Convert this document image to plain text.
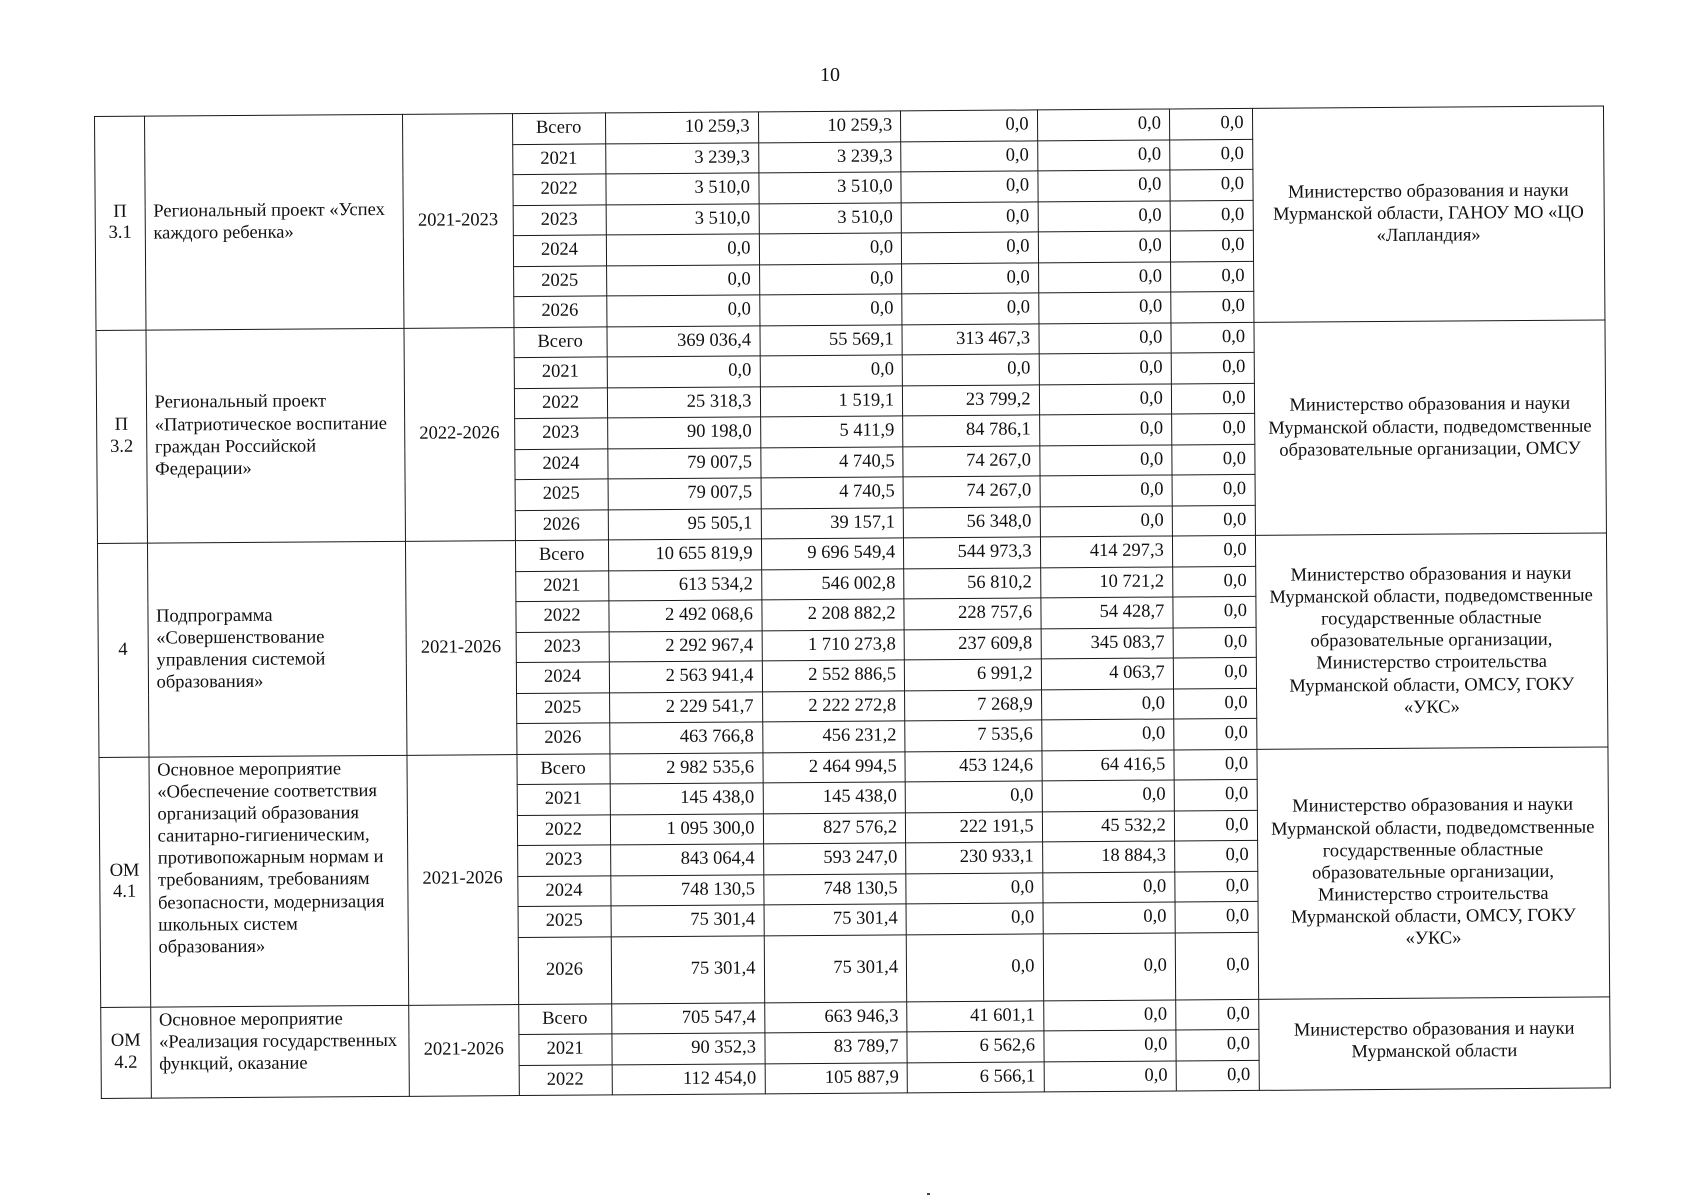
10
П 3.1	Региональный проект «Успех каждого ребенка»	2021-2023	Всего	10 259,3	10 259,3	0,0	0,0	0,0	Министерство образования и науки Мурманской области, ГАНОУ МО «ЦО «Лапландия»
			2021	3 239,3	3 239,3	0,0	0,0	0,0	
			2022	3 510,0	3 510,0	0,0	0,0	0,0	
			2023	3 510,0	3 510,0	0,0	0,0	0,0	
			2024	0,0	0,0	0,0	0,0	0,0	
			2025	0,0	0,0	0,0	0,0	0,0	
			2026	0,0	0,0	0,0	0,0	0,0	
П 3.2	Региональный проект «Патриотическое воспитание граждан Российской Федерации»	2022-2026	Всего	369 036,4	55 569,1	313 467,3	0,0	0,0	Министерство образования и науки Мурманской области, подведомственные образовательные организации, ОМСУ
			2021	0,0	0,0	0,0	0,0	0,0	
			2022	25 318,3	1 519,1	23 799,2	0,0	0,0	
			2023	90 198,0	5 411,9	84 786,1	0,0	0,0	
			2024	79 007,5	4 740,5	74 267,0	0,0	0,0	
			2025	79 007,5	4 740,5	74 267,0	0,0	0,0	
			2026	95 505,1	39 157,1	56 348,0	0,0	0,0	
4	Подпрограмма «Совершенствование управления системой образования»	2021-2026	Всего	10 655 819,9	9 696 549,4	544 973,3	414 297,3	0,0	Министерство образования и науки Мурманской области, подведомственные государственные областные образовательные организации, Министерство строительства Мурманской области, ОМСУ, ГОКУ «УКС»
			2021	613 534,2	546 002,8	56 810,2	10 721,2	0,0	
			2022	2 492 068,6	2 208 882,2	228 757,6	54 428,7	0,0	
			2023	2 292 967,4	1 710 273,8	237 609,8	345 083,7	0,0	
			2024	2 563 941,4	2 552 886,5	6 991,2	4 063,7	0,0	
			2025	2 229 541,7	2 222 272,8	7 268,9	0,0	0,0	
			2026	463 766,8	456 231,2	7 535,6	0,0	0,0	
ОМ 4.1	Основное мероприятие «Обеспечение соответствия организаций образования санитарно-гигиеническим, противопожарным нормам и требованиям, требованиям безопасности, модернизация школьных систем образования»	2021-2026	Всего	2 982 535,6	2 464 994,5	453 124,6	64 416,5	0,0	Министерство образования и науки Мурманской области, подведомственные государственные областные образовательные организации, Министерство строительства Мурманской области, ОМСУ, ГОКУ «УКС»
			2021	145 438,0	145 438,0	0,0	0,0	0,0	
			2022	1 095 300,0	827 576,2	222 191,5	45 532,2	0,0	
			2023	843 064,4	593 247,0	230 933,1	18 884,3	0,0	
			2024	748 130,5	748 130,5	0,0	0,0	0,0	
			2025	75 301,4	75 301,4	0,0	0,0	0,0	
			2026	75 301,4	75 301,4	0,0	0,0	0,0	
ОМ 4.2	Основное мероприятие «Реализация государственных функций, оказание	2021-2026	Всего	705 547,4	663 946,3	41 601,1	0,0	0,0	Министерство образования и науки Мурманской области
			2021	90 352,3	83 789,7	6 562,6	0,0	0,0	
			2022	112 454,0	105 887,9	6 566,1	0,0	0,0	
